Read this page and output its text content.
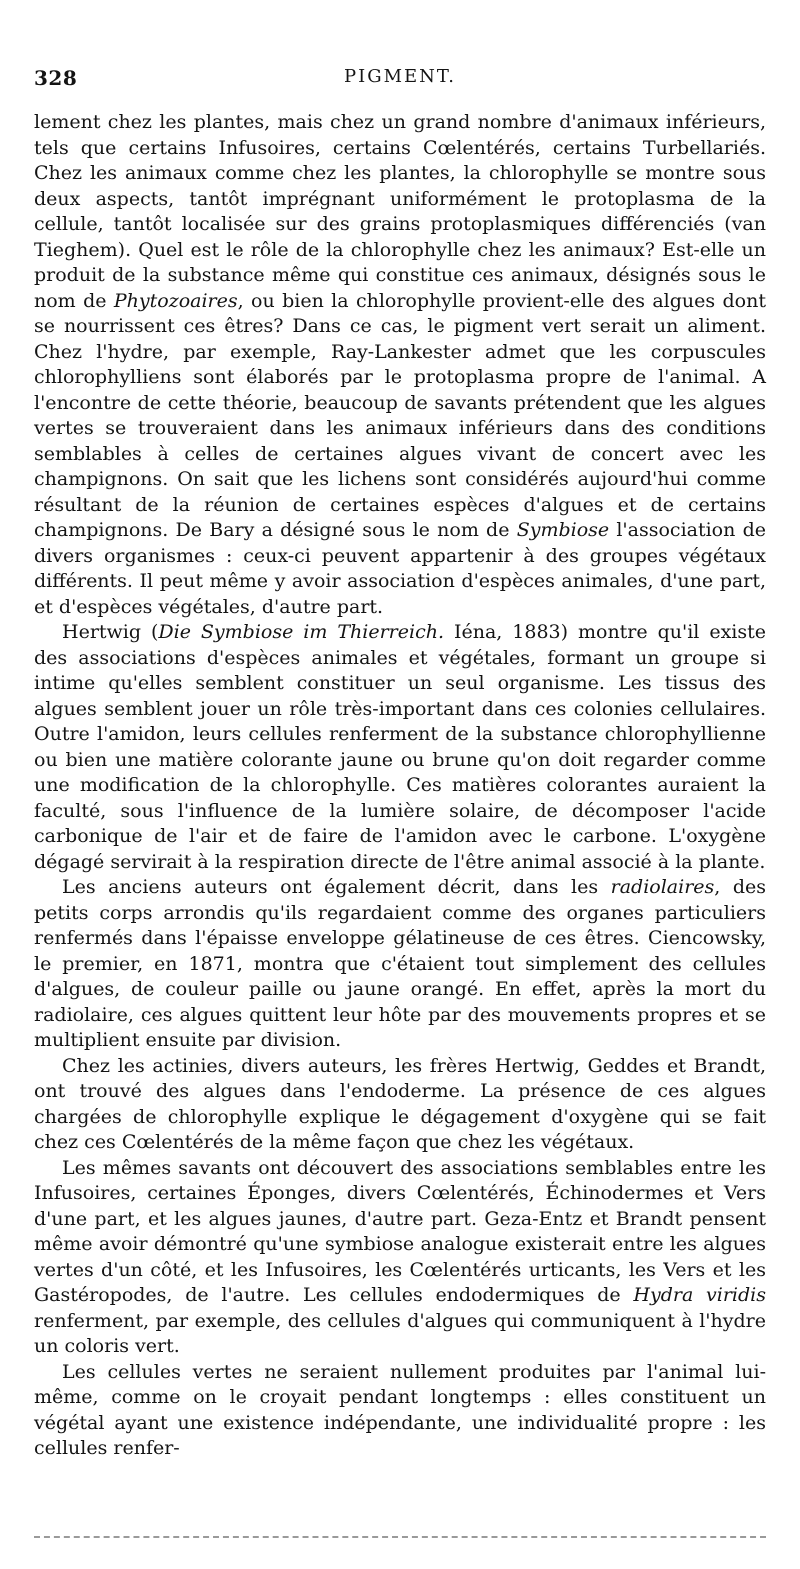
328	PIGMENT.

lement chez les plantes, mais chez un grand nombre d'animaux inférieurs, tels que certains Infusoires, certains Cœlentérés, certains Turbellariés. Chez les animaux comme chez les plantes, la chlorophylle se montre sous deux aspects, tantôt imprégnant uniformément le protoplasma de la cellule, tantôt localisée sur des grains protoplasmiques différenciés (van Tieghem). Quel est le rôle de la chlorophylle chez les animaux? Est-elle un produit de la substance même qui constitue ces animaux, désignés sous le nom de Phytozoaires, ou bien la chlorophylle provient-elle des algues dont se nourrissent ces êtres? Dans ce cas, le pigment vert serait un aliment. Chez l'hydre, par exemple, Ray-Lankester admet que les corpuscules chlorophylliens sont élaborés par le protoplasma propre de l'animal. A l'encontre de cette théorie, beaucoup de savants prétendent que les algues vertes se trouveraient dans les animaux inférieurs dans des conditions semblables à celles de certaines algues vivant de concert avec les champignons. On sait que les lichens sont considérés aujourd'hui comme résultant de la réunion de certaines espèces d'algues et de certains champignons. De Bary a désigné sous le nom de Symbiose l'association de divers organismes : ceux-ci peuvent appartenir à des groupes végétaux différents. Il peut même y avoir association d'espèces animales, d'une part, et d'espèces végétales, d'autre part.

Hertwig (Die Symbiose im Thierreich. Iéna, 1883) montre qu'il existe des associations d'espèces animales et végétales, formant un groupe si intime qu'elles semblent constituer un seul organisme. Les tissus des algues semblent jouer un rôle très-important dans ces colonies cellulaires. Outre l'amidon, leurs cellules renferment de la substance chlorophyllienne ou bien une matière colorante jaune ou brune qu'on doit regarder comme une modification de la chlorophylle. Ces matières colorantes auraient la faculté, sous l'influence de la lumière solaire, de décomposer l'acide carbonique de l'air et de faire de l'amidon avec le carbone. L'oxygène dégagé servirait à la respiration directe de l'être animal associé à la plante.

Les anciens auteurs ont également décrit, dans les radiolaires, des petits corps arrondis qu'ils regardaient comme des organes particuliers renfermés dans l'épaisse enveloppe gélatineuse de ces êtres. Ciencowsky, le premier, en 1871, montra que c'étaient tout simplement des cellules d'algues, de couleur paille ou jaune orangé. En effet, après la mort du radiolaire, ces algues quittent leur hôte par des mouvements propres et se multiplient ensuite par division.

Chez les actinies, divers auteurs, les frères Hertwig, Geddes et Brandt, ont trouvé des algues dans l'endoderme. La présence de ces algues chargées de chlorophylle explique le dégagement d'oxygène qui se fait chez ces Cœlentérés de la même façon que chez les végétaux.

Les mêmes savants ont découvert des associations semblables entre les Infusoires, certaines Éponges, divers Cœlentérés, Échinodermes et Vers d'une part, et les algues jaunes, d'autre part. Geza-Entz et Brandt pensent même avoir démontré qu'une symbiose analogue existerait entre les algues vertes d'un côté, et les Infusoires, les Cœlentérés urticants, les Vers et les Gastéropodes, de l'autre. Les cellules endodermiques de Hydra viridis renferment, par exemple, des cellules d'algues qui communiquent à l'hydre un coloris vert.

Les cellules vertes ne seraient nullement produites par l'animal lui-même, comme on le croyait pendant longtemps : elles constituent un végétal ayant une existence indépendante, une individualité propre : les cellules renfer-
